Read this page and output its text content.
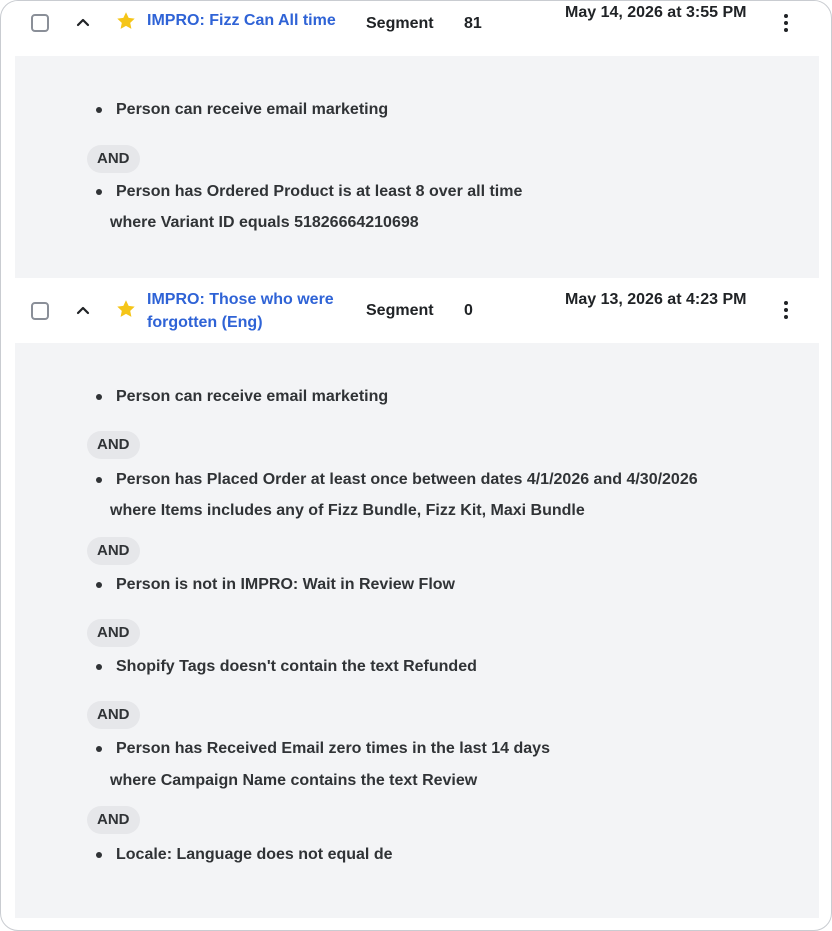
IMPRO: Fizz Can All time	Segment 81
May 14, 2026 at 3:55 PM
Person can receive email marketing
AND
Person has Ordered Product is at least 8 over all time
where Variant ID equals 51826664210698
IMPRO: Those who were forgotten (Eng)
Segment 0
May 13, 2026 at 4:23 PM
Person can receive email marketing
AND
Person has Placed Order at least once between dates 4/1/2026 and 4/30/2026
where Items includes any of Fizz Bundle, Fizz Kit, Maxi Bundle
AND
Person is not in IMPRO: Wait in Review Flow
AND
Shopify Tags doesn't contain the text Refunded
AND
Person has Received Email zero times in the last 14 days
where Campaign Name contains the text Review
AND
Locale: Language does not equal de
